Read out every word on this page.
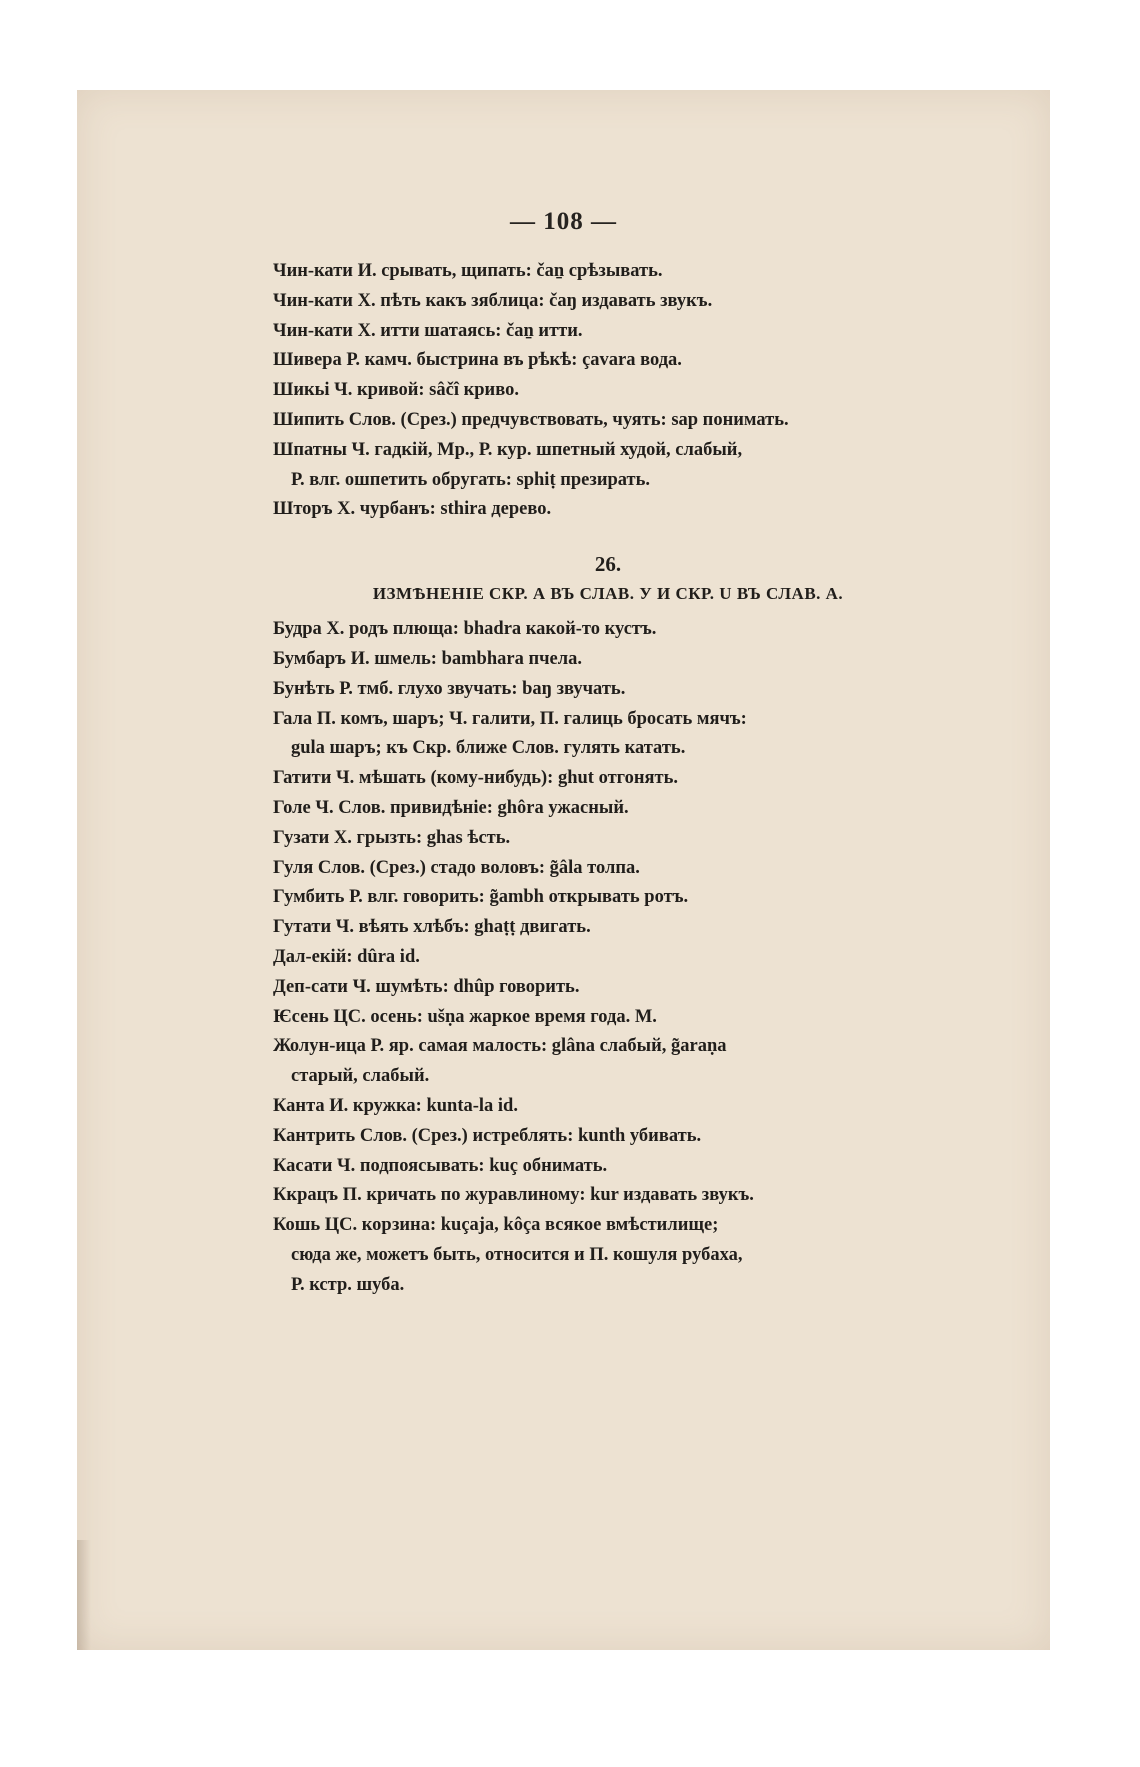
— 108 —

Чин-кати И. срывать, щипать: čaṉ срѣзывать.

Чин-кати Х. пѣть какъ зяблица: čaŋ издавать звукъ.

Чин-кати Х. итти шатаясь: čaṉ итти.

Шивера Р. камч. быстрина въ рѣкѣ: çavara вода.

Шикьі Ч. кривой: sâčî криво.

Шипить Слов. (Срез.) предчувствовать, чуять: sap понимать.

Шпатны Ч. гадкій, Мр., Р. кур. шпетный худой, слабый,
Р. влг. ошпетить обругать: sphiṭ презирать.

Шторъ Х. чурбанъ: sthira дерево.

26.
ИЗМѢНЕНІЕ СКР. А ВЪ СЛАВ. У И СКР. U ВЪ СЛАВ. А.

Будра Х. родъ плюща: bhadra какой-то кустъ.

Бумбаръ И. шмель: bambhara пчела.

Бунѣть Р. тмб. глухо звучать: baŋ звучать.

Гала П. комъ, шаръ; Ч. галити, П. галиць бросать мячъ:
gula шаръ; къ Скр. ближе Слов. гулять катать.

Гатити Ч. мѣшать (кому-нибудь): ghut отгонять.

Голе Ч. Слов. привидѣніе: ghôra ужасный.

Гузати Х. грызть: ghas ѣсть.

Гуля Слов. (Срез.) стадо воловъ: g̃âla толпа.

Гумбить Р. влг. говорить: g̃ambh открывать ротъ.

Гутати Ч. вѣять хлѣбъ: ghaṭṭ двигать.

Дал-екій: dûra id.

Деп-сати Ч. шумѣть: dhûp говорить.

Ѥсень ЦС. осень: ušṇa жаркое время года. М.

Жолун-ица Р. яр. самая малость: glâna слабый, g̃araṇa
старый, слабый.

Канта И. кружка: kunta-la id.

Кантрить Слов. (Срез.) истреблять: kunth убивать.

Касати Ч. подпоясывать: kuç обнимать.

Ккрацъ П. кричать по журавлиному: kur издавать звукъ.

Кошь ЦС. корзина: kuçaja, kôça всякое вмѣстилище;
сюда же, можетъ быть, относится и П. кошуля рубаха,
Р. кстр. шуба.
